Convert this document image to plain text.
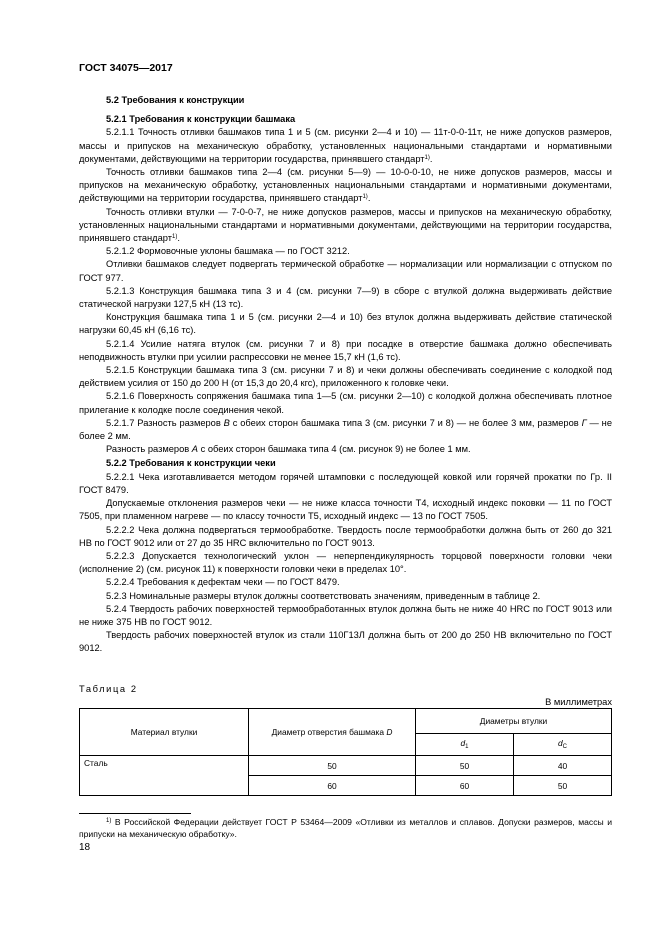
ГОСТ 34075—2017

5.2 Требования к конструкции

5.2.1 Требования к конструкции башмака

5.2.1.1 Точность отливки башмаков типа 1 и 5 (см. рисунки 2—4 и 10) — 11т-0-0-11т, не ниже допусков размеров, массы и припусков на механическую обработку, установленных национальными стандартами и нормативными документами, действующими на территории государства, принявшего стандарт$^{1)}$.

Точность отливки башмаков типа 2—4 (см. рисунки 5—9) — 10-0-0-10, не ниже допусков размеров, массы и припусков на механическую обработку, установленных национальными стандартами и нормативными документами, действующими на территории государства, принявшего стандарт$^{1)}$.

Точность отливки втулки — 7-0-0-7, не ниже допусков размеров, массы и припусков на механическую обработку, установленных национальными стандартами и нормативными документами, действующими на территории государства, принявшего стандарт$^{1)}$.

5.2.1.2 Формовочные уклоны башмака — по ГОСТ 3212.

Отливки башмаков следует подвергать термической обработке — нормализации или нормализации с отпуском по ГОСТ 977.

5.2.1.3 Конструкция башмака типа 3 и 4 (см. рисунки 7—9) в сборе с втулкой должна выдерживать действие статической нагрузки 127,5 кН (13 тс).

Конструкция башмака типа 1 и 5 (см. рисунки 2—4 и 10) без втулок должна выдерживать действие статической нагрузки 60,45 кН (6,16 тс).

5.2.1.4 Усилие натяга втулок (см. рисунки 7 и 8) при посадке в отверстие башмака должно обеспечивать неподвижность втулки при усилии распрессовки не менее 15,7 кН (1,6 тс).

5.2.1.5 Конструкции башмака типа 3 (см. рисунки 7 и 8) и чеки должны обеспечивать соединение с колодкой под действием усилия от 150 до 200 Н (от 15,3 до 20,4 кгс), приложенного к головке чеки.

5.2.1.6 Поверхность сопряжения башмака типа 1—5 (см. рисунки 2—10) с колодкой должна обеспечивать плотное прилегание к колодке после соединения чекой.

5.2.1.7 Разность размеров В с обеих сторон башмака типа 3 (см. рисунки 7 и 8) — не более 3 мм, размеров Г — не более 2 мм.

Разность размеров А с обеих сторон башмака типа 4 (см. рисунок 9) не более 1 мм.

5.2.2 Требования к конструкции чеки

5.2.2.1 Чека изготавливается методом горячей штамповки с последующей ковкой или горячей прокатки по Гр. II ГОСТ 8479.

Допускаемые отклонения размеров чеки — не ниже класса точности Т4, исходный индекс поковки — 11 по ГОСТ 7505, при пламенном нагреве — по классу точности Т5, исходный индекс — 13 по ГОСТ 7505.

5.2.2.2 Чека должна подвергаться термообработке. Твердость после термообработки должна быть от 260 до 321 НВ по ГОСТ 9012 или от 27 до 35 HRC включительно по ГОСТ 9013.

5.2.2.3 Допускается технологический уклон — неперпендикулярность торцовой поверхности головки чеки (исполнение 2) (см. рисунок 11) к поверхности головки чеки в пределах 10°.

5.2.2.4 Требования к дефектам чеки — по ГОСТ 8479.

5.2.3 Номинальные размеры втулок должны соответствовать значениям, приведенным в таблице 2.

5.2.4 Твердость рабочих поверхностей термообработанных втулок должна быть не ниже 40 HRC по ГОСТ 9013 или не ниже 375 НВ по ГОСТ 9012.

Твердость рабочих поверхностей втулок из стали 110Г13Л должна быть от 200 до 250 НВ включительно по ГОСТ 9012.

Таблица 2
В миллиметрах
Материал втулки	Диаметр отверстия башмака D	Диаметры втулки	
		$d_1$	$d_С$
Сталь	50	50	40
	60	60	50
$^{1)}$ В Российской Федерации действует ГОСТ Р 53464—2009 «Отливки из металлов и сплавов. Допуски размеров, массы и припуски на механическую обработку».
18
